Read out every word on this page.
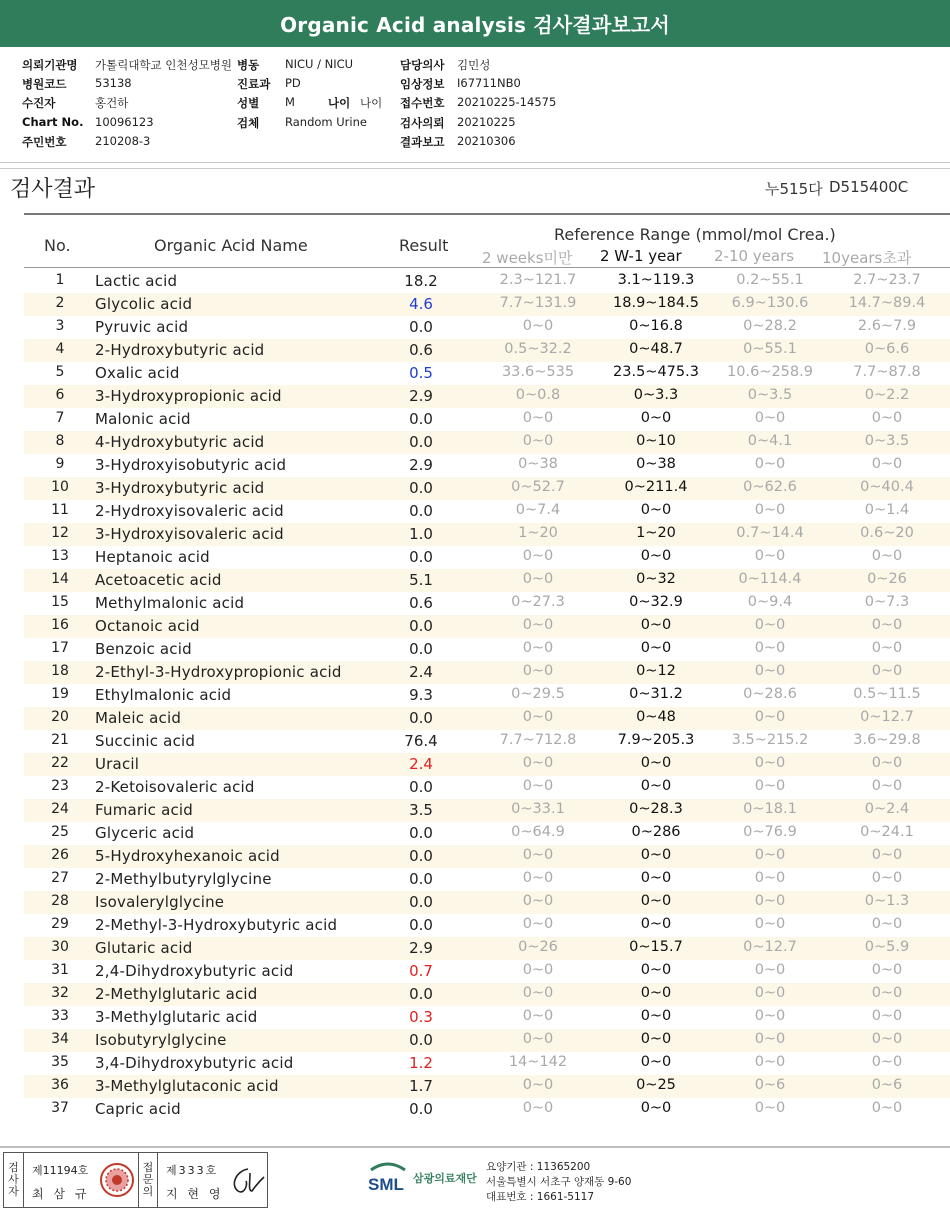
Organic Acid analysis 검사결과보고서
의뢰기관명 가톨릭대학교 인천성모병원
병원코드 53138
수진자	홍건하
Chart No. 10096123
주민번호 210208-3
병동 NICU / NICU
진료과 PD
성별 M	나이 나이
검체 Random Urine
담당의사 김민성
임상정보 I67711NB0
접수번호 20210225-14575
검사의뢰 20210225
결과보고 20210306
검사결과	누515다 D515400C
No.	Organic Acid Name	Result
Reference Range (mmol/mol Crea.)
2 weeks미만 2 W-1 year 2-10 years 10years초과
1	Lactic acid	18.2	2.3~121.7	3.1~119.3	0.2~55.1	2.7~23.7
2	Glycolic acid	4.6	7.7~131.9	18.9~184.5	6.9~130.6	14.7~89.4
3	Pyruvic acid	0.0	0~0	0~16.8	0~28.2	2.6~7.9
4	2-Hydroxybutyric acid	0.6	0.5~32.2	0~48.7	0~55.1	0~6.6
5	Oxalic acid	0.5	33.6~535	23.5~475.3	10.6~258.9	7.7~87.8
6	3-Hydroxypropionic acid	2.9	0~0.8	0~3.3	0~3.5	0~2.2
7	Malonic acid	0.0	0~0	0~0	0~0	0~0
8	4-Hydroxybutyric acid	0.0	0~0	0~10	0~4.1	0~3.5
9	3-Hydroxyisobutyric acid	2.9	0~38	0~38	0~0	0~0
10	3-Hydroxybutyric acid	0.0	0~52.7	0~211.4	0~62.6	0~40.4
11	2-Hydroxyisovaleric acid	0.0	0~7.4	0~0	0~0	0~1.4
12	3-Hydroxyisovaleric acid	1.0	1~20	1~20	0.7~14.4	0.6~20
13	Heptanoic acid	0.0	0~0	0~0	0~0	0~0
14	Acetoacetic acid	5.1	0~0	0~32	0~114.4	0~26
15	Methylmalonic acid	0.6	0~27.3	0~32.9	0~9.4	0~7.3
16	Octanoic acid	0.0	0~0	0~0	0~0	0~0
17	Benzoic acid	0.0	0~0	0~0	0~0	0~0
18	2-Ethyl-3-Hydroxypropionic acid	2.4	0~0	0~12	0~0	0~0
19	Ethylmalonic acid	9.3	0~29.5	0~31.2	0~28.6	0.5~11.5
20	Maleic acid	0.0	0~0	0~48	0~0	0~12.7
21	Succinic acid	76.4	7.7~712.8	7.9~205.3	3.5~215.2	3.6~29.8
22	Uracil	2.4	0~0	0~0	0~0	0~0
23	2-Ketoisovaleric acid	0.0	0~0	0~0	0~0	0~0
24	Fumaric acid	3.5	0~33.1	0~28.3	0~18.1	0~2.4
25	Glyceric acid	0.0	0~64.9	0~286	0~76.9	0~24.1
26	5-Hydroxyhexanoic acid	0.0	0~0	0~0	0~0	0~0
27	2-Methylbutyrylglycine	0.0	0~0	0~0	0~0	0~0
28	Isovalerylglycine	0.0	0~0	0~0	0~0	0~1.3
29	2-Methyl-3-Hydroxybutyric acid	0.0	0~0	0~0	0~0	0~0
30	Glutaric acid	2.9	0~26	0~15.7	0~12.7	0~5.9
31	2,4-Dihydroxybutyric acid	0.7	0~0	0~0	0~0	0~0
32	2-Methylglutaric acid	0.0	0~0	0~0	0~0	0~0
33	3-Methylglutaric acid	0.3	0~0	0~0	0~0	0~0
34	Isobutyrylglycine	0.0	0~0	0~0	0~0	0~0
35	3,4-Dihydroxybutyric acid	1.2	14~142	0~0	0~0	0~0
36	3-Methylglutaconic acid	1.7	0~0	0~25	0~6	0~6
37	Capric acid	0.0	0~0	0~0	0~0	0~0
검
사
자
제11194호
최 삼 규
접
문
의
제333호
지 현 영	SML 삼광의료재단
요양기관 : 11365200
서울특별시 서초구 양재동 9-60
대표번호 : 1661-5117
